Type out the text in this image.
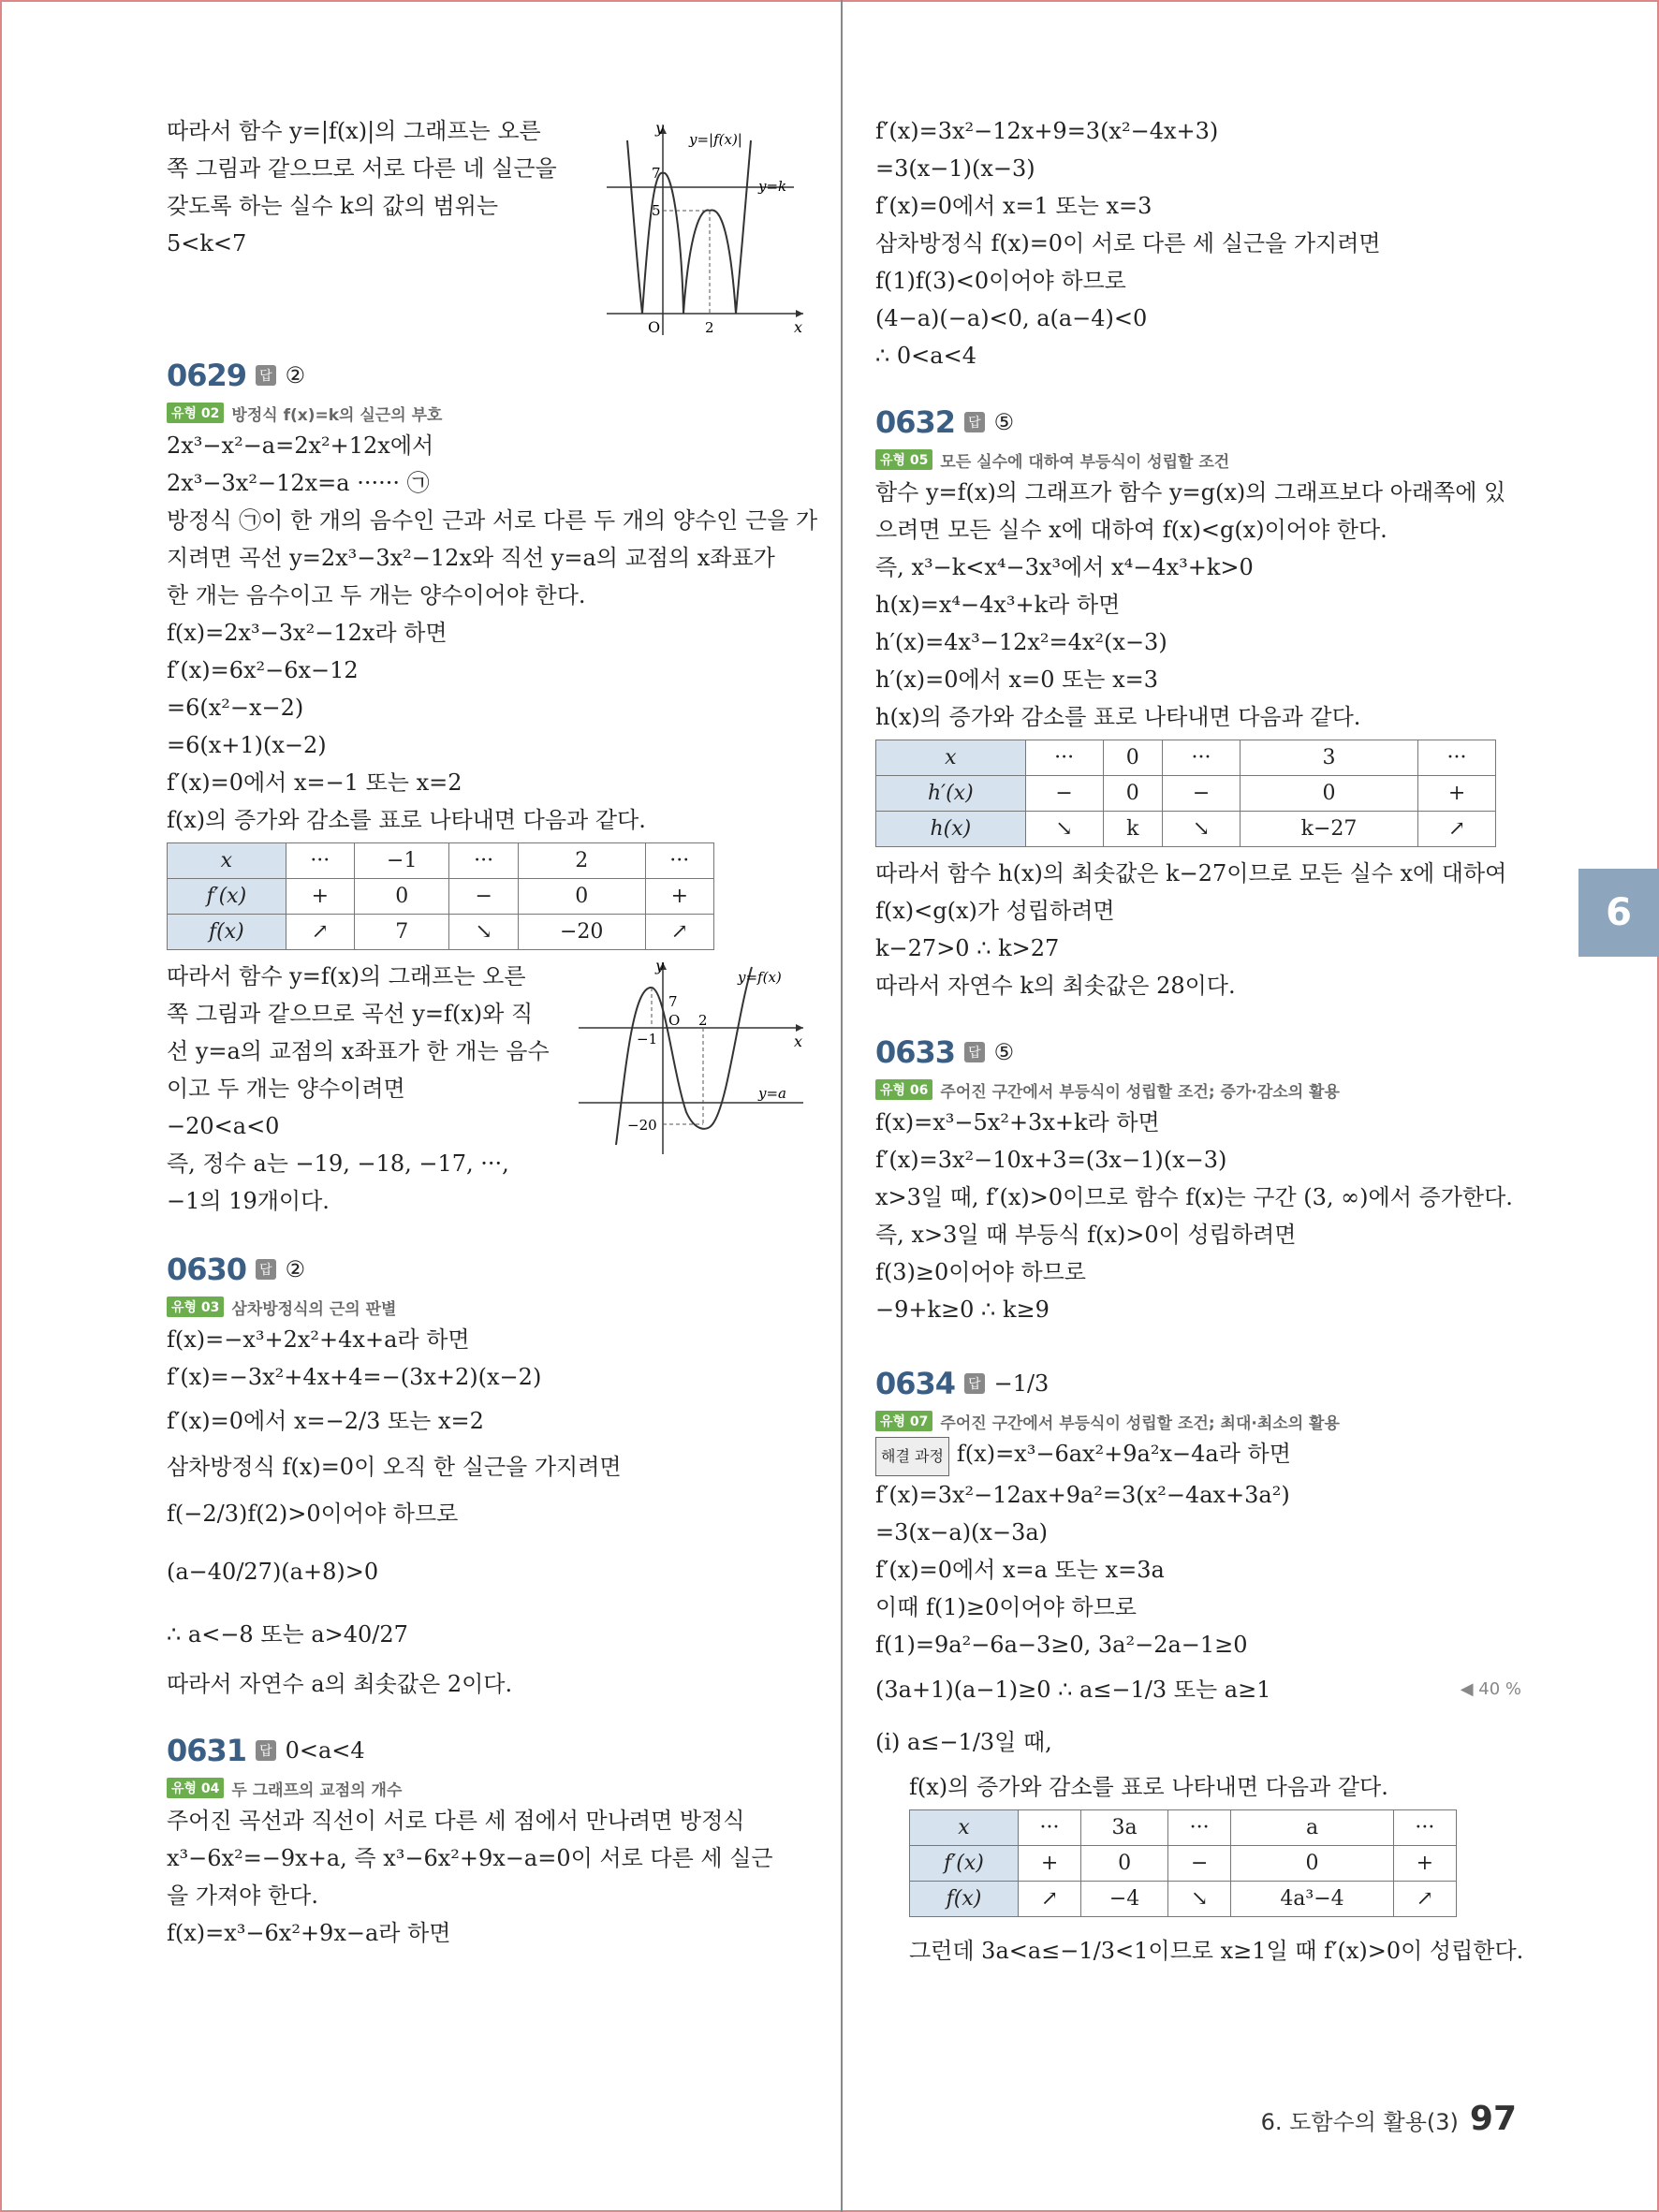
따라서 함수 y=|f(x)|의 그래프는 오른
쪽 그림과 같으므로 서로 다른 네 실근을
갖도록 하는 실수 k의 값의 범위는
5<k<7
y
x
O
7
5
2
y=|f(x)|
y=k
0629 답 ②
유형 02 방정식 f(x)=k의 실근의 부호
2x³−x²−a=2x²+12x에서
2x³−3x²−12x=a ······ ㉠
방정식 ㉠이 한 개의 음수인 근과 서로 다른 두 개의 양수인 근을 가
지려면 곡선 y=2x³−3x²−12x와 직선 y=a의 교점의 x좌표가
한 개는 음수이고 두 개는 양수이어야 한다.
f(x)=2x³−3x²−12x라 하면
f′(x)=6x²−6x−12
=6(x²−x−2)
=6(x+1)(x−2)
f′(x)=0에서 x=−1 또는 x=2
f(x)의 증가와 감소를 표로 나타내면 다음과 같다.
x	···	−1	···	2	···
f′(x)	+	0	−	0	+
f(x)	↗	7	↘	−20	↗
따라서 함수 y=f(x)의 그래프는 오른
쪽 그림과 같으므로 곡선 y=f(x)와 직
선 y=a의 교점의 x좌표가 한 개는 음수
이고 두 개는 양수이려면
−20<a<0
즉, 정수 a는 −19, −18, −17, ···,
−1의 19개이다.
y
x
O
7
−1
2
−20
y=f(x)
y=a
0630 답 ②
유형 03 삼차방정식의 근의 판별
f(x)=−x³+2x²+4x+a라 하면
f′(x)=−3x²+4x+4=−(3x+2)(x−2)
f′(x)=0에서 x=−2/3 또는 x=2
삼차방정식 f(x)=0이 오직 한 실근을 가지려면
f(−2/3)f(2)>0이어야 하므로
(a−40/27)(a+8)>0
∴ a<−8 또는 a>40/27
따라서 자연수 a의 최솟값은 2이다.
0631 답 0<a<4
유형 04 두 그래프의 교점의 개수
주어진 곡선과 직선이 서로 다른 세 점에서 만나려면 방정식
x³−6x²=−9x+a, 즉 x³−6x²+9x−a=0이 서로 다른 세 실근
을 가져야 한다.
f(x)=x³−6x²+9x−a라 하면
f′(x)=3x²−12x+9=3(x²−4x+3)
=3(x−1)(x−3)
f′(x)=0에서 x=1 또는 x=3
삼차방정식 f(x)=0이 서로 다른 세 실근을 가지려면
f(1)f(3)<0이어야 하므로
(4−a)(−a)<0, a(a−4)<0
∴ 0<a<4
0632 답 ⑤
유형 05 모든 실수에 대하여 부등식이 성립할 조건
함수 y=f(x)의 그래프가 함수 y=g(x)의 그래프보다 아래쪽에 있
으려면 모든 실수 x에 대하여 f(x)<g(x)이어야 한다.
즉, x³−k<x⁴−3x³에서 x⁴−4x³+k>0
h(x)=x⁴−4x³+k라 하면
h′(x)=4x³−12x²=4x²(x−3)
h′(x)=0에서 x=0 또는 x=3
h(x)의 증가와 감소를 표로 나타내면 다음과 같다.
x	···	0	···	3	···
h′(x)	−	0	−	0	+
h(x)	↘	k	↘	k−27	↗
따라서 함수 h(x)의 최솟값은 k−27이므로 모든 실수 x에 대하여
f(x)<g(x)가 성립하려면
k−27>0 ∴ k>27
따라서 자연수 k의 최솟값은 28이다.
0633 답 ⑤
유형 06 주어진 구간에서 부등식이 성립할 조건; 증가·감소의 활용
f(x)=x³−5x²+3x+k라 하면
f′(x)=3x²−10x+3=(3x−1)(x−3)
x>3일 때, f′(x)>0이므로 함수 f(x)는 구간 (3, ∞)에서 증가한다.
즉, x>3일 때 부등식 f(x)>0이 성립하려면
f(3)≥0이어야 하므로
−9+k≥0 ∴ k≥9
0634 답 −1/3
유형 07 주어진 구간에서 부등식이 성립할 조건; 최대·최소의 활용
해결 과정 f(x)=x³−6ax²+9a²x−4a라 하면
f′(x)=3x²−12ax+9a²=3(x²−4ax+3a²)
=3(x−a)(x−3a)
f′(x)=0에서 x=a 또는 x=3a
이때 f(1)≥0이어야 하므로
f(1)=9a²−6a−3≥0, 3a²−2a−1≥0
(3a+1)(a−1)≥0 ∴ a≤−1/3 또는 a≥1	◀ 40 %
(ⅰ) a≤−1/3일 때,
f(x)의 증가와 감소를 표로 나타내면 다음과 같다.
x	···	3a	···	a	···
f′(x)	+	0	−	0	+
f(x)	↗	−4	↘	4a³−4	↗
그런데 3a<a≤−1/3<1이므로 x≥1일 때 f′(x)>0이 성립한다.
6
6. 도함수의 활용(3) 97
